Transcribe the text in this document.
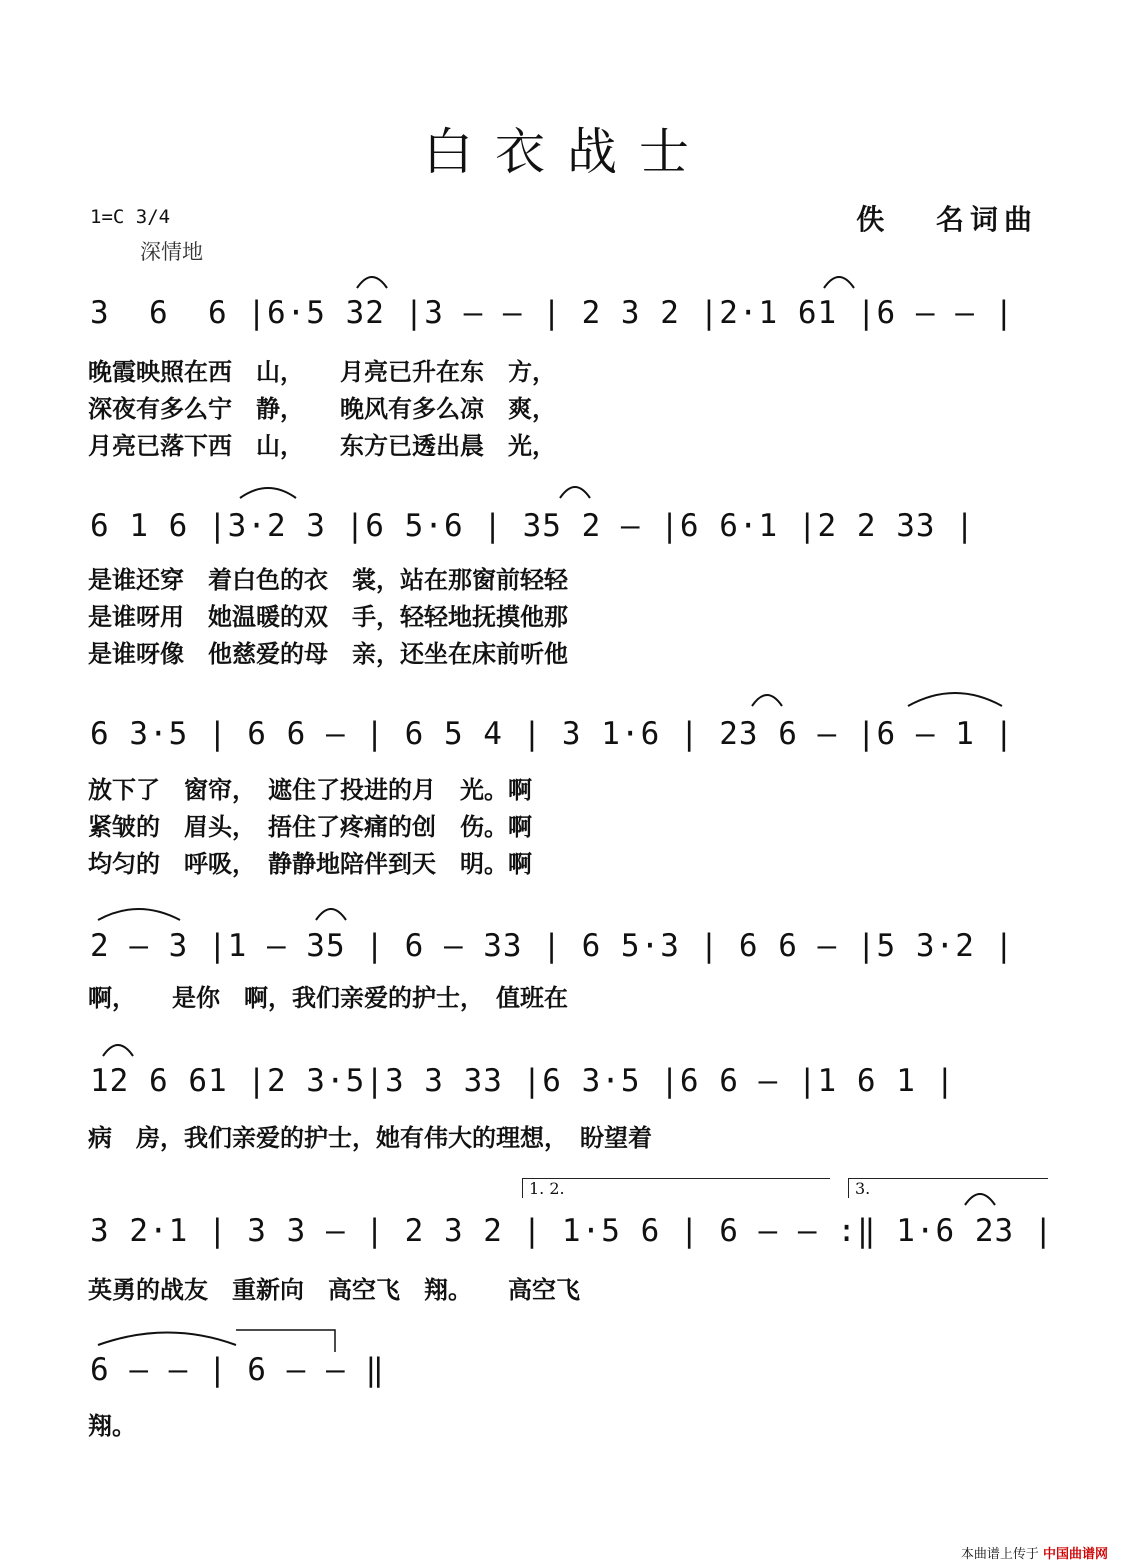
白衣战士
1=C 3/4
深情地
佚 名词曲
3  6  6 |6·5 32 |3 – – | 2 3 2 |2·1 61 |6 – – |
晚霞映照在西　山，　　月亮已升在东　方，
深夜有多么宁　静，　　晚风有多么凉　爽，
月亮已落下西　山，　　东方已透出晨　光，
6 1 6 |3·2 3 |6 5·6 | 35 2 – |6 6·1 |2 2 33 |
是谁还穿　着白色的衣　裳，站在那窗前轻轻
是谁呀用　她温暖的双　手，轻轻地抚摸他那
是谁呀像　他慈爱的母　亲，还坐在床前听他
6 3·5 | 6 6 – | 6 5 4 | 3 1·6 | 23 6 – |6 – 1 |
放下了　窗帘，　遮住了投进的月　光。啊
紧皱的　眉头，　捂住了疼痛的创　伤。啊
均匀的　呼吸，　静静地陪伴到天　明。啊
2 – 3 |1 – 35 | 6 – 33 | 6 5·3 | 6 6 – |5 3·2 |
啊，　　是你　啊，我们亲爱的护士，　值班在
12 6 61 |2 3·5|3 3 33 |6 3·5 |6 6 – |1 6 1 |
病　房，我们亲爱的护士，她有伟大的理想，　盼望着
1. 2.	3.
3 2·1 | 3 3 – | 2 3 2 | 1·5 6 | 6 – – :‖ 1·6 23 |
英勇的战友　重新向　高空飞　翔。　　高空飞
6 – – | 6 – – ‖
翔。
本曲谱上传于 中国曲谱网
